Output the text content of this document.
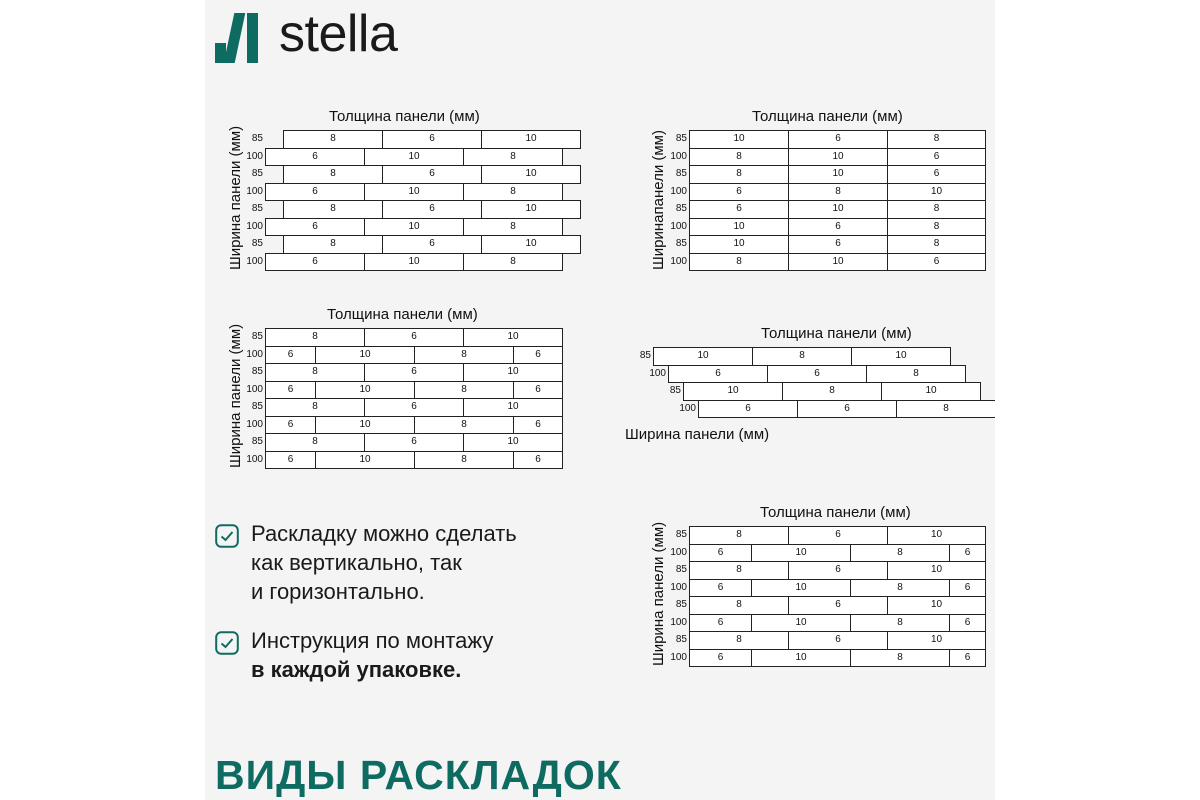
stella
Толщина панели (мм)
Ширина панели (мм) 85	8	6	10
100	6	10	8
85	8	6	10
100	6	10	8
85	8	6	10
100	6	10	8
85	8	6	10
100	6	10	8
Толщина панели (мм)
Ширинапанели (мм) 85	10	6	8
100	8	10	6
85	8	10	6
100	6	8	10
85	6	10	8
100	10	6	8
85	10	6	8
100	8	10	6
Толщина панели (мм)
Ширина панели (мм) 85	8	6	10
100	6	10	8	6
85	8	6	10
100	6	10	8	6
85	8	6	10
100	6	10	8	6
85	8	6	10
100	6	10	8	6
Толщина панели (мм)
Ширина панели (мм)
85	10	8	10
100	6	6	8
85	10	8	10
100	6	6	8
Толщина панели (мм)
Ширина панели (мм) 85	8	6	10
100	6	10	8	6
85	8	6	10
100	6	10	8	6
85	8	6	10
100	6	10	8	6
85	8	6	10
100	6	10	8	6
Раскладку можно сделать
как вертикально, так
и горизонтально.
Инструкция по монтажу
в каждой упаковке.
ВИДЫ РАСКЛАДОК
